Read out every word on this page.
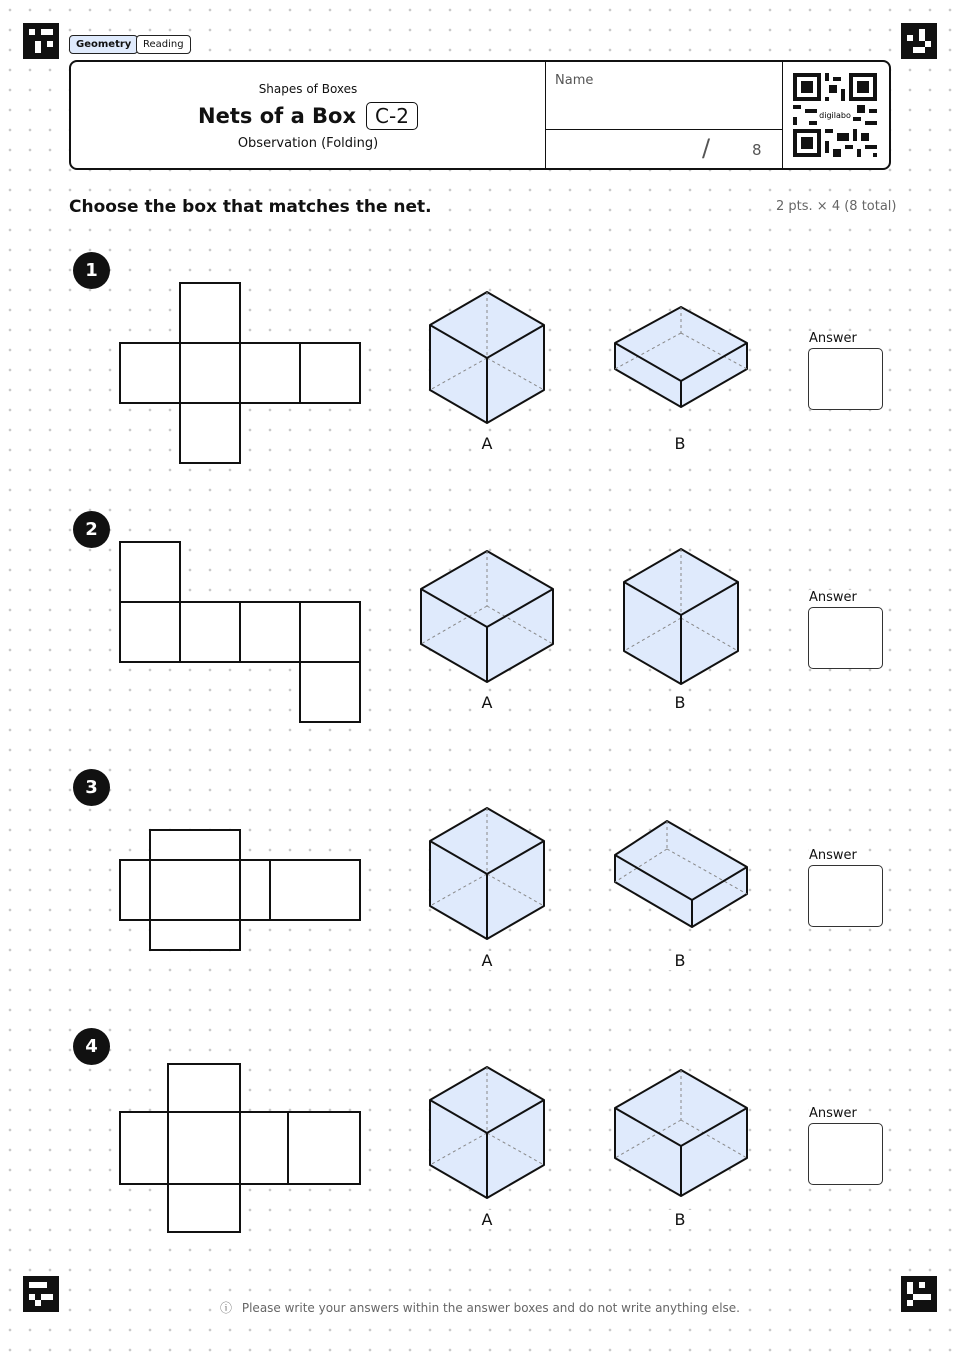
Geometry	Reading
Shapes of Boxes
Nets of a Box C-2
Observation (Folding)
Name
/	8
digilabo
Choose the box that matches the net.	2 pts. × 4 (8 total)
1
A	B
Answer
2
A	B
Answer
3
A	B
Answer
4
A	B
Answer
ⓘ Please write your answers within the answer boxes and do not write anything else.
